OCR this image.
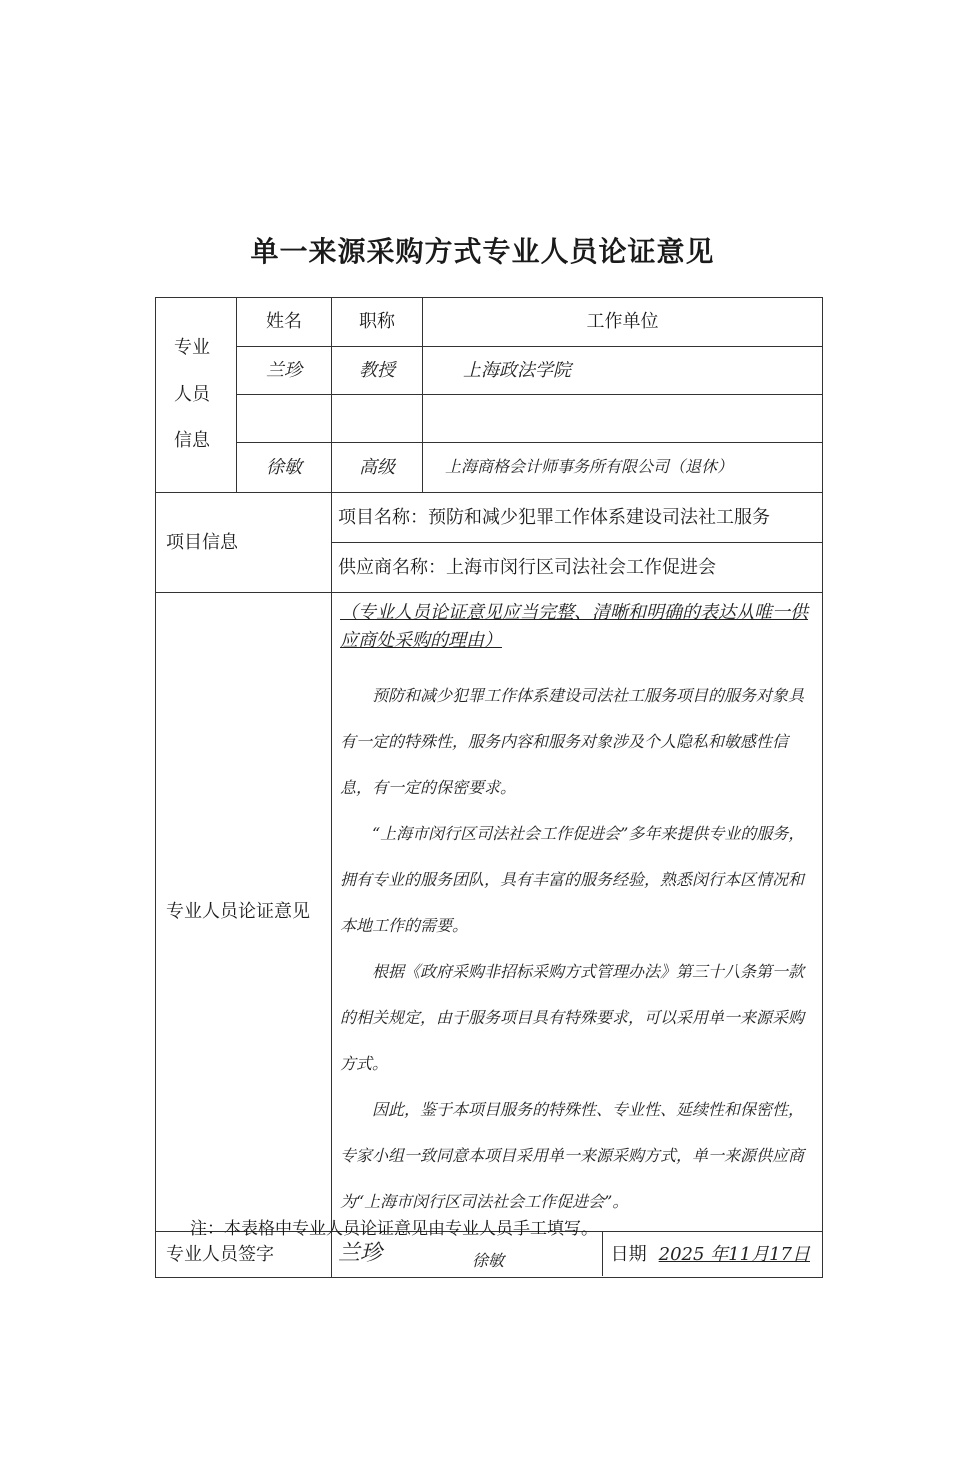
单一来源采购方式专业人员论证意见
专业人员信息	姓名	职称	工作单位
	兰珍	教授	上海政法学院

	徐敏	高级	上海商格会计师事务所有限公司（退休）
项目信息		项目名称：预防和减少犯罪工作体系建设司法社工服务	
		供应商名称：上海市闵行区司法社会工作促进会	
专业人员论证意见		（专业人员论证意见应当完整、清晰和明确的表达从唯一供应商处采购的理由）

预防和减少犯罪工作体系建设司法社工服务项目的服务对象具有一定的特殊性，服务内容和服务对象涉及个人隐私和敏感性信息，有一定的保密要求。

“上海市闵行区司法社会工作促进会”多年来提供专业的服务，拥有专业的服务团队，具有丰富的服务经验，熟悉闵行本区情况和本地工作的需要。

根据《政府采购非招标采购方式管理办法》第三十八条第一款的相关规定，由于服务项目具有特殊要求，可以采用单一来源采购方式。

因此，鉴于本项目服务的特殊性、专业性、延续性和保密性，专家小组一致同意本项目采用单一来源采购方式，单一来源供应商为“上海市闵行区司法社会工作促进会”。	

专业人员签字		兰珍 徐敏 日期 2025 年11月17日	
注：本表格中专业人员论证意见由专业人员手工填写。
